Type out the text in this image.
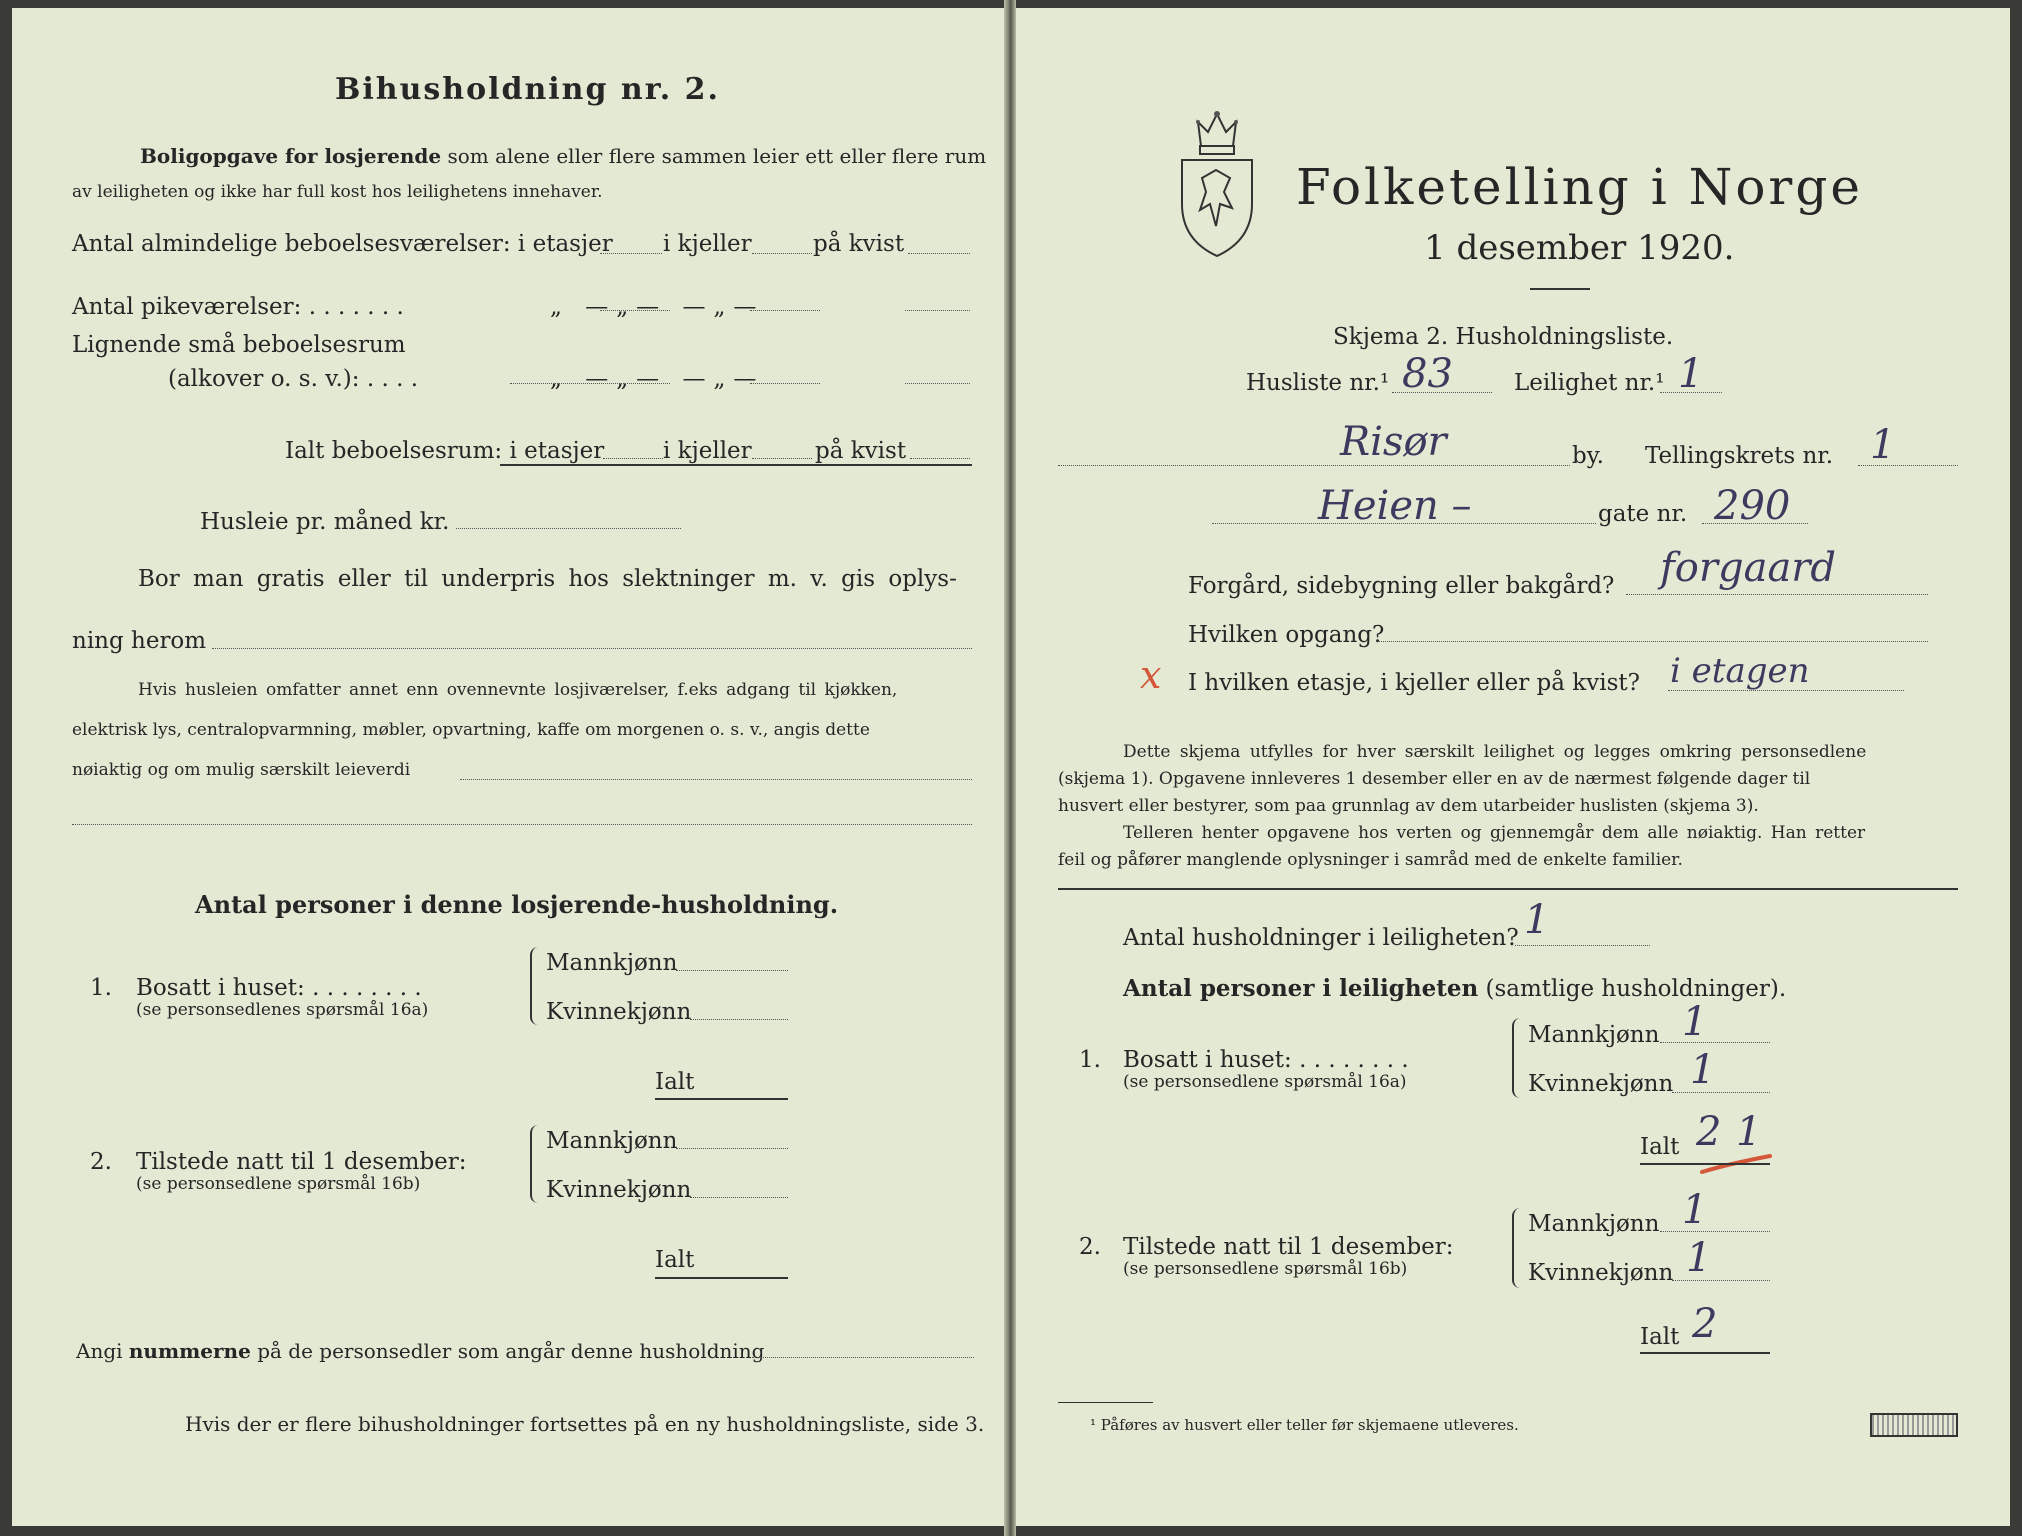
Bihusholdning nr. 2.
Boligopgave for losjerende som alene eller flere sammen leier ett eller flere rum
av leiligheten og ikke har full kost hos leilighetens innehaver.
Antal almindelige beboelsesværelser: i etasjer i kjeller	på kvist
Antal pikeværelser: . . . . . . .	„ —„— —„—
Lignende små beboelsesrum
(alkover o. s. v.): . . . .	„ —„— —„—
Ialt beboelsesrum: i etasjer	i kjeller	på kvist
Husleie pr. måned kr.
Bor man gratis eller til underpris hos slektninger m. v. gis oplys-
ning herom
Hvis husleien omfatter annet enn ovennevnte losjiværelser, f.eks adgang til kjøkken,
elektrisk lys, centralopvarmning, møbler, opvartning, kaffe om morgenen o. s. v., angis dette
nøiaktig og om mulig særskilt leieverdi
Antal personer i denne losjerende-husholdning.
1. Bosatt i huset: . . . . . . . .
(se personsedlenes spørsmål 16a)
Mannkjønn
Kvinnekjønn
Ialt
2. Tilstede natt til 1 desember:
(se personsedlene spørsmål 16b)
Mannkjønn
Kvinnekjønn
Ialt
Angi nummerne på de personsedler som angår denne husholdning
Hvis der er flere bihusholdninger fortsettes på en ny husholdningsliste, side 3.
Folketelling i Norge
1 desember 1920.
Skjema 2. Husholdningsliste.
Husliste nr.¹ 83	Leilighet nr.¹ 1
Risør	by. Tellingskrets nr. 1
Heien –	gate nr. 290
Forgård, sidebygning eller bakgård? forgaard
Hvilken opgang?
x I hvilken etasje, i kjeller eller på kvist? i etagen
Dette skjema utfylles for hver særskilt leilighet og legges omkring personsedlene
(skjema 1). Opgavene innleveres 1 desember eller en av de nærmest følgende dager til
husvert eller bestyrer, som paa grunnlag av dem utarbeider huslisten (skjema 3).
Telleren henter opgavene hos verten og gjennemgår dem alle nøiaktig. Han retter
feil og påfører manglende oplysninger i samråd med de enkelte familier.
Antal husholdninger i leiligheten? 1
Antal personer i leiligheten (samtlige husholdninger).
1. Bosatt i huset: . . . . . . . .
(se personsedlene spørsmål 16a)
Mannkjønn 1
Kvinnekjønn 1
Ialt 2 1
2. Tilstede natt til 1 desember:
(se personsedlene spørsmål 16b)
Mannkjønn 1
Kvinnekjønn 1
Ialt 2
¹ Påføres av husvert eller teller før skjemaene utleveres.
